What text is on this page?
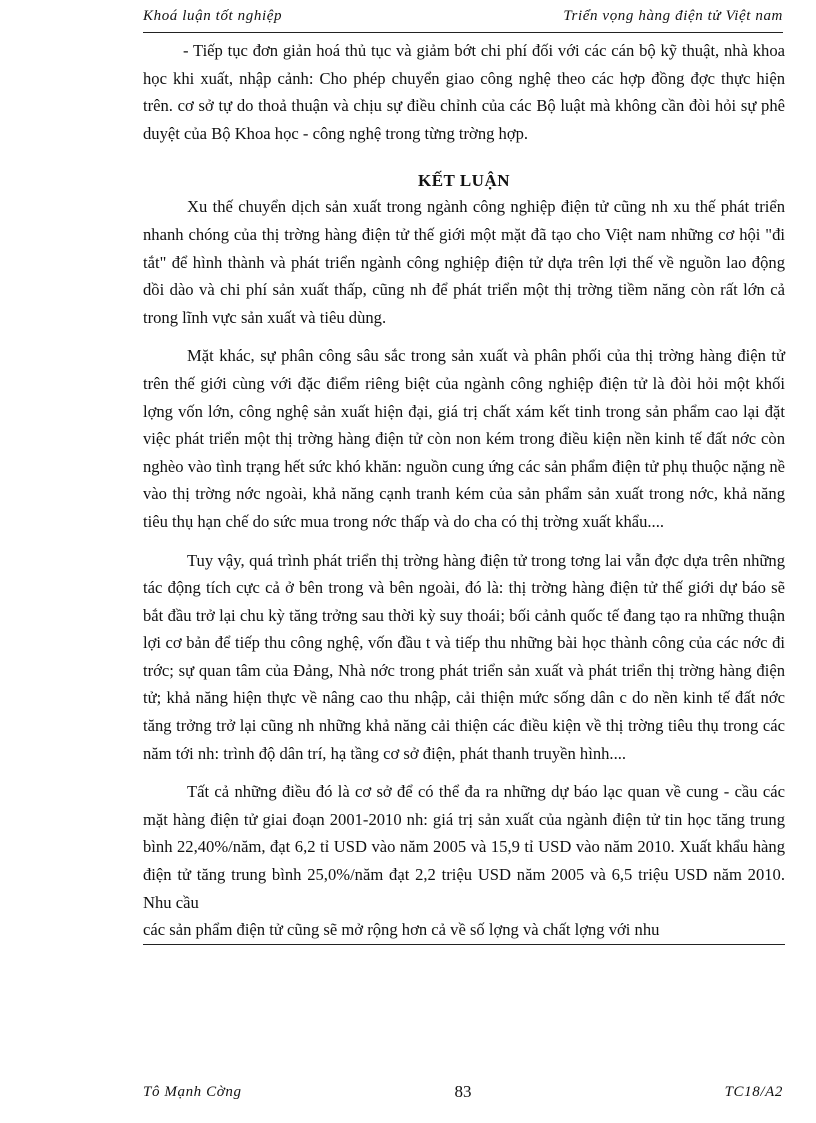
Khoá luận tốt nghiệp	Triển vọng hàng điện tử Việt nam

- Tiếp tục đơn giản hoá thủ tục và giảm bớt chi phí đối với các cán bộ kỹ thuật, nhà khoa học khi xuất, nhập cảnh: Cho phép chuyển giao công nghệ theo các hợp đồng đợc thực hiện trên. cơ sở tự do thoả thuận và chịu sự điều chỉnh của các Bộ luật mà không cần đòi hỏi sự phê duyệt của Bộ Khoa học - công nghệ trong từng trờng hợp.

KẾT LUẬN

Xu thế chuyển dịch sản xuất trong ngành công nghiệp điện tử cũng nh xu thế phát triển nhanh chóng của thị trờng hàng điện tử thế giới một mặt đã tạo cho Việt nam những cơ hội "đi tắt" để hình thành và phát triển ngành công nghiệp điện tử dựa trên lợi thế về nguồn lao động dồi dào và chi phí sản xuất thấp, cũng nh để phát triển một thị trờng tiềm năng còn rất lớn cả trong lĩnh vực sản xuất và tiêu dùng.

Mặt khác, sự phân công sâu sắc trong sản xuất và phân phối của thị trờng hàng điện tử trên thế giới cùng với đặc điểm riêng biệt của ngành công nghiệp điện tử là đòi hỏi một khối lợng vốn lớn, công nghệ sản xuất hiện đại, giá trị chất xám kết tinh trong sản phẩm cao lại đặt việc phát triển một thị trờng hàng điện tử còn non kém trong điều kiện nền kinh tế đất nớc còn nghèo vào tình trạng hết sức khó khăn: nguồn cung ứng các sản phẩm điện tử phụ thuộc nặng nề vào thị trờng nớc ngoài, khả năng cạnh tranh kém của sản phẩm sản xuất trong nớc, khả năng tiêu thụ hạn chế do sức mua trong nớc thấp và do cha có thị trờng xuất khẩu....

Tuy vậy, quá trình phát triển thị trờng hàng điện tử trong tơng lai vẫn đợc dựa trên những tác động tích cực cả ở bên trong và bên ngoài, đó là: thị trờng hàng điện tử thế giới dự báo sẽ bắt đầu trở lại chu kỳ tăng trởng sau thời kỳ suy thoái; bối cảnh quốc tế đang tạo ra những thuận lợi cơ bản để tiếp thu công nghệ, vốn đầu t và tiếp thu những bài học thành công của các nớc đi trớc; sự quan tâm của Đảng, Nhà nớc trong phát triển sản xuất và phát triển thị trờng hàng điện tử; khả năng hiện thực về nâng cao thu nhập, cải thiện mức sống dân c do nền kinh tế đất nớc tăng trởng trở lại cũng nh những khả năng cải thiện các điều kiện về thị trờng tiêu thụ trong các năm tới nh: trình độ dân trí, hạ tầng cơ sở điện, phát thanh truyền hình....

Tất cả những điều đó là cơ sở để có thể đa ra những dự báo lạc quan về cung - cầu các mặt hàng điện tử giai đoạn 2001-2010 nh: giá trị sản xuất của ngành điện tử tin học tăng trung bình 22,40%/năm, đạt 6,2 tỉ USD vào năm 2005 và 15,9 tỉ USD vào năm 2010. Xuất khẩu hàng điện tử tăng trung bình 25,0%/năm đạt 2,2 triệu USD năm 2005 và 6,5 triệu USD năm 2010. Nhu cầu

các sản phẩm điện tử cũng sẽ mở rộng hơn cả về số lợng và chất lợng với nhu

Tô Mạnh Cờng	83	TC18/A2
